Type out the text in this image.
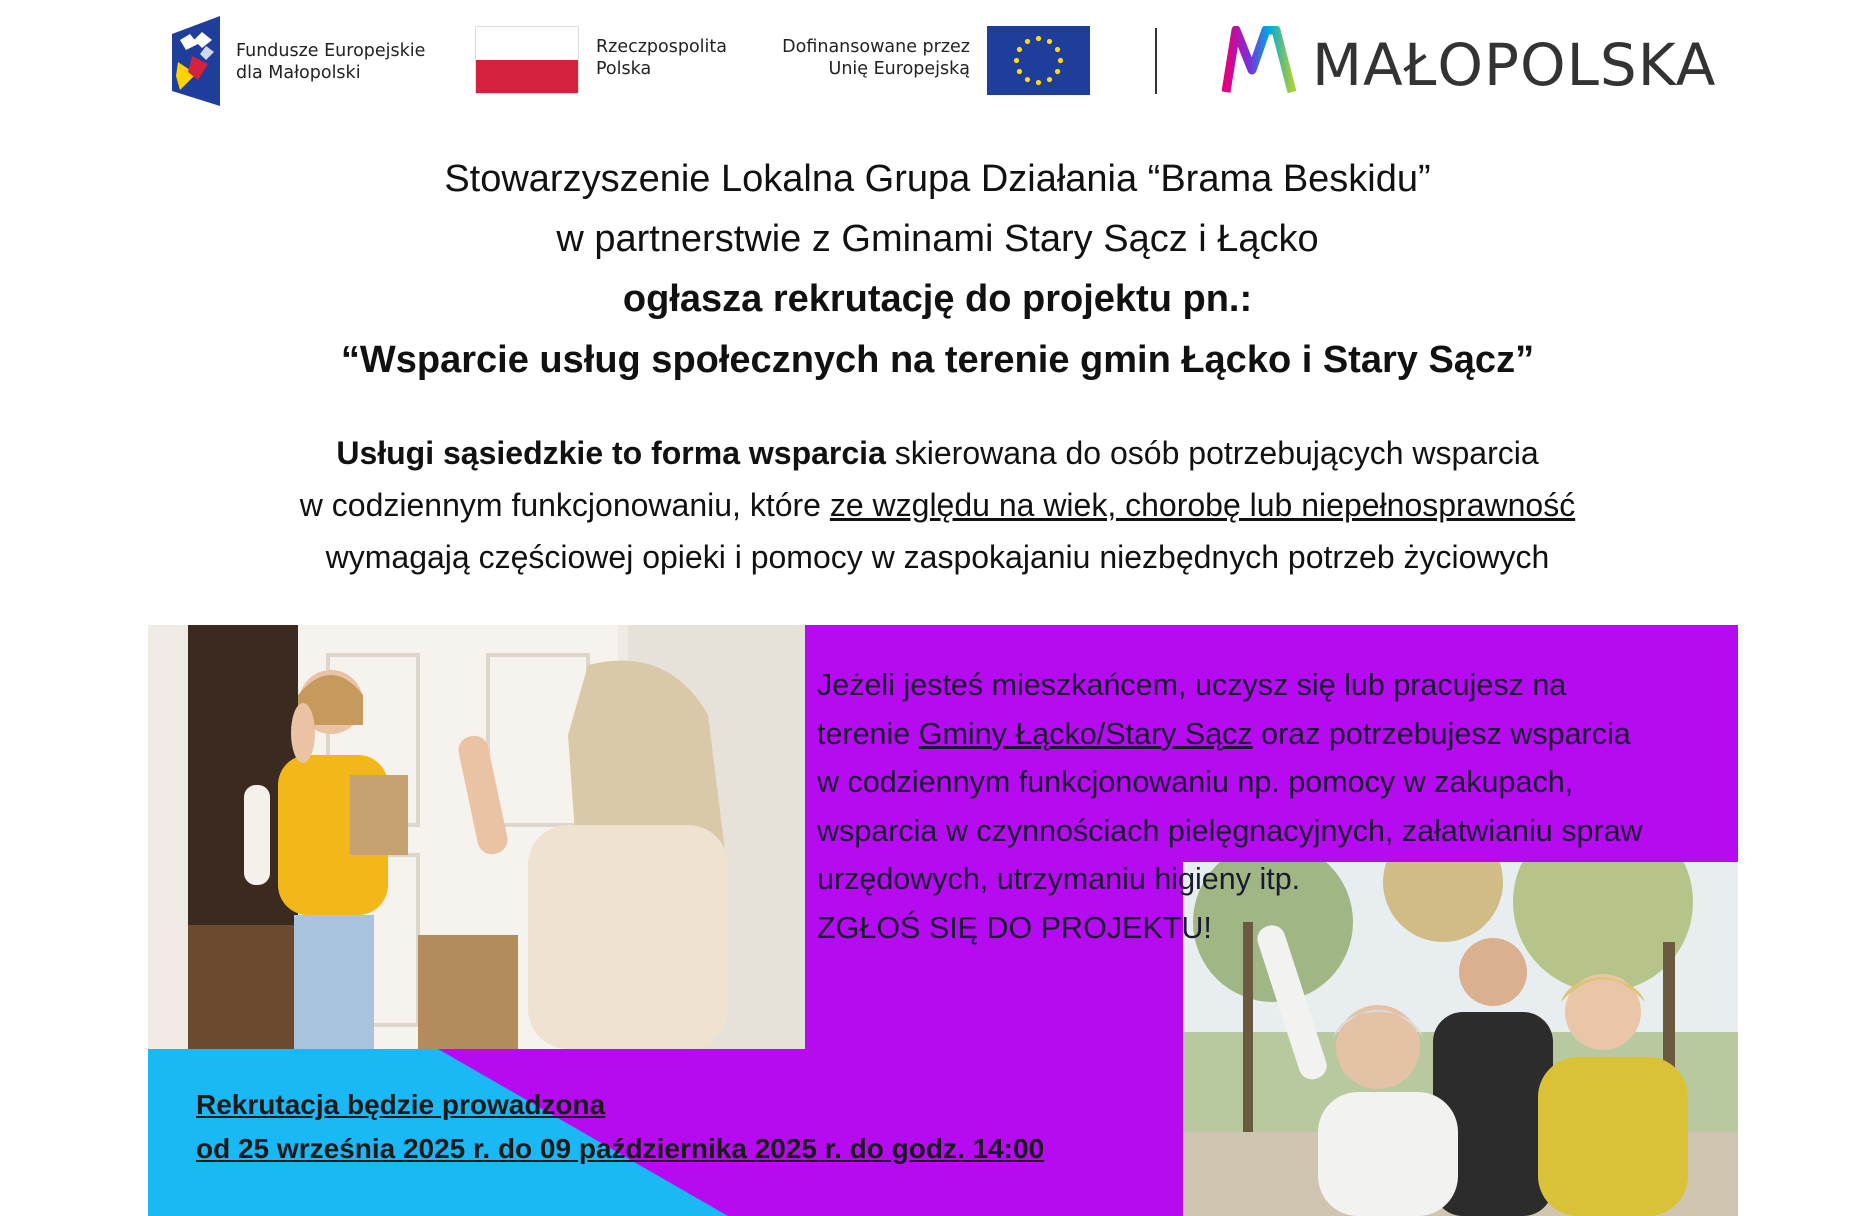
Fundusze Europejskie
dla Małopolski
Rzeczpospolita
Polska
Dofinansowane przez
Unię Europejską	MAŁOPOLSKA
Stowarzyszenie Lokalna Grupa Działania “Brama Beskidu”
w partnerstwie z Gminami Stary Sącz i Łącko
ogłasza rekrutację do projektu pn.:
“Wsparcie usług społecznych na terenie gmin Łącko i Stary Sącz”
Usługi sąsiedzkie to forma wsparcia skierowana do osób potrzebujących wsparcia
w codziennym funkcjonowaniu, które ze względu na wiek, chorobę lub niepełnosprawność
wymagają częściowej opieki i pomocy w zaspokajaniu niezbędnych potrzeb życiowych
Jeżeli jesteś mieszkańcem, uczysz się lub pracujesz na
terenie Gminy Łącko/Stary Sącz oraz potrzebujesz wsparcia
w codziennym funkcjonowaniu np. pomocy w zakupach,
wsparcia w czynnościach pielęgnacyjnych, załatwianiu spraw
urzędowych, utrzymaniu higieny itp.
ZGŁOŚ SIĘ DO PROJEKTU!
Rekrutacja będzie prowadzona
od 25 września 2025 r. do 09 października 2025 r. do godz. 14:00
